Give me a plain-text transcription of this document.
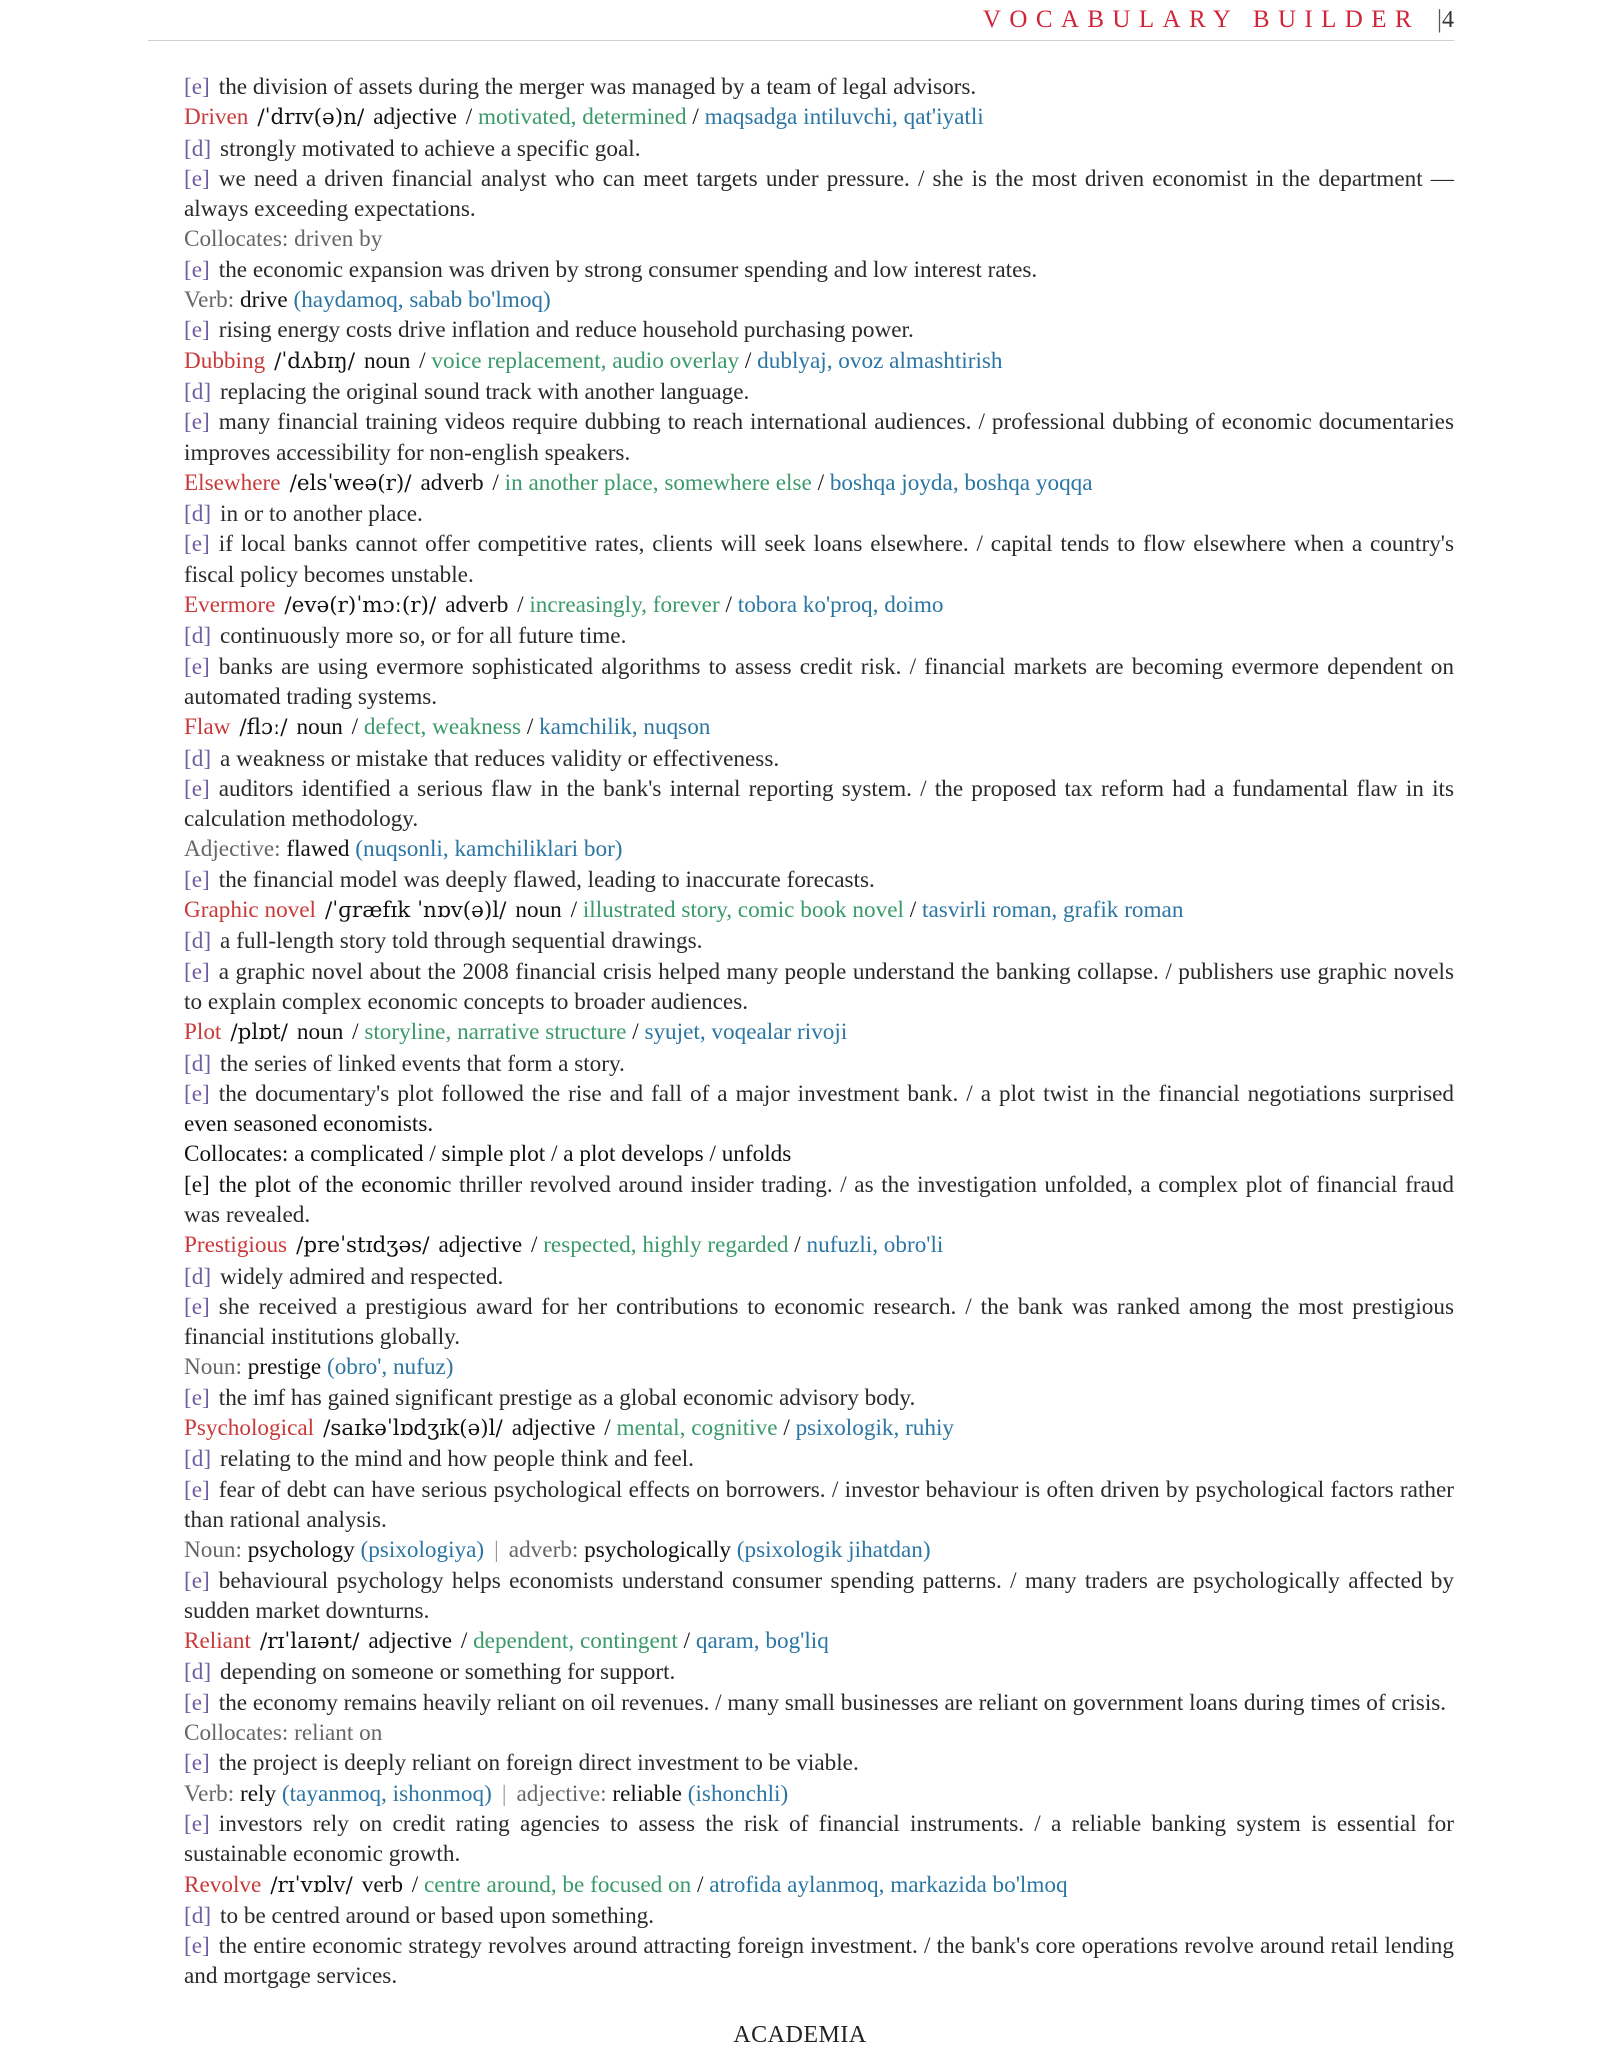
VOCABULARY BUILDER | 4
[e] the division of assets during the merger was managed by a team of legal advisors.
Driven /ˈdrɪv(ə)n/ adjective / motivated, determined / maqsadga intiluvchi, qat'iyatli
[d] strongly motivated to achieve a specific goal.
[e] we need a driven financial analyst who can meet targets under pressure. / she is the most driven economist in the department — always exceeding expectations.
Collocates: driven by
[e] the economic expansion was driven by strong consumer spending and low interest rates.
Verb: drive (haydamoq, sabab bo'lmoq)
[e] rising energy costs drive inflation and reduce household purchasing power.
Dubbing /ˈdʌbɪŋ/ noun / voice replacement, audio overlay / dublyaj, ovoz almashtirish
[d] replacing the original sound track with another language.
[e] many financial training videos require dubbing to reach international audiences. / professional dubbing of economic documentaries improves accessibility for non-english speakers.
Elsewhere /elsˈweə(r)/ adverb / in another place, somewhere else / boshqa joyda, boshqa yoqqa
[d] in or to another place.
[e] if local banks cannot offer competitive rates, clients will seek loans elsewhere. / capital tends to flow elsewhere when a country's fiscal policy becomes unstable.
Evermore /evə(r)ˈmɔː(r)/ adverb / increasingly, forever / tobora ko'proq, doimo
[d] continuously more so, or for all future time.
[e] banks are using evermore sophisticated algorithms to assess credit risk. / financial markets are becoming evermore dependent on automated trading systems.
Flaw /flɔː/ noun / defect, weakness / kamchilik, nuqson
[d] a weakness or mistake that reduces validity or effectiveness.
[e] auditors identified a serious flaw in the bank's internal reporting system. / the proposed tax reform had a fundamental flaw in its calculation methodology.
Adjective: flawed (nuqsonli, kamchiliklari bor)
[e] the financial model was deeply flawed, leading to inaccurate forecasts.
Graphic novel /ˈɡræfɪk ˈnɒv(ə)l/ noun / illustrated story, comic book novel / tasvirli roman, grafik roman
[d] a full-length story told through sequential drawings.
[e] a graphic novel about the 2008 financial crisis helped many people understand the banking collapse. / publishers use graphic novels to explain complex economic concepts to broader audiences.
Plot /plɒt/ noun / storyline, narrative structure / syujet, voqealar rivoji
[d] the series of linked events that form a story.
[e] the documentary's plot followed the rise and fall of a major investment bank. / a plot twist in the financial negotiations surprised even seasoned economists.
Collocates: a complicated / simple plot / a plot develops / unfolds
[e] the plot of the economic thriller revolved around insider trading. / as the investigation unfolded, a complex plot of financial fraud was revealed.
Prestigious /preˈstɪdʒəs/ adjective / respected, highly regarded / nufuzli, obro'li
[d] widely admired and respected.
[e] she received a prestigious award for her contributions to economic research. / the bank was ranked among the most prestigious financial institutions globally.
Noun: prestige (obro', nufuz)
[e] the imf has gained significant prestige as a global economic advisory body.
Psychological /saɪkəˈlɒdʒɪk(ə)l/ adjective / mental, cognitive / psixologik, ruhiy
[d] relating to the mind and how people think and feel.
[e] fear of debt can have serious psychological effects on borrowers. / investor behaviour is often driven by psychological factors rather than rational analysis.
Noun: psychology (psixologiya) | adverb: psychologically (psixologik jihatdan)
[e] behavioural psychology helps economists understand consumer spending patterns. / many traders are psychologically affected by sudden market downturns.
Reliant /rɪˈlaɪənt/ adjective / dependent, contingent / qaram, bog'liq
[d] depending on someone or something for support.
[e] the economy remains heavily reliant on oil revenues. / many small businesses are reliant on government loans during times of crisis.
Collocates: reliant on
[e] the project is deeply reliant on foreign direct investment to be viable.
Verb: rely (tayanmoq, ishonmoq) | adjective: reliable (ishonchli)
[e] investors rely on credit rating agencies to assess the risk of financial instruments. / a reliable banking system is essential for sustainable economic growth.
Revolve /rɪˈvɒlv/ verb / centre around, be focused on / atrofida aylanmoq, markazida bo'lmoq
[d] to be centred around or based upon something.
[e] the entire economic strategy revolves around attracting foreign investment. / the bank's core operations revolve around retail lending and mortgage services.
ACADEMIA
